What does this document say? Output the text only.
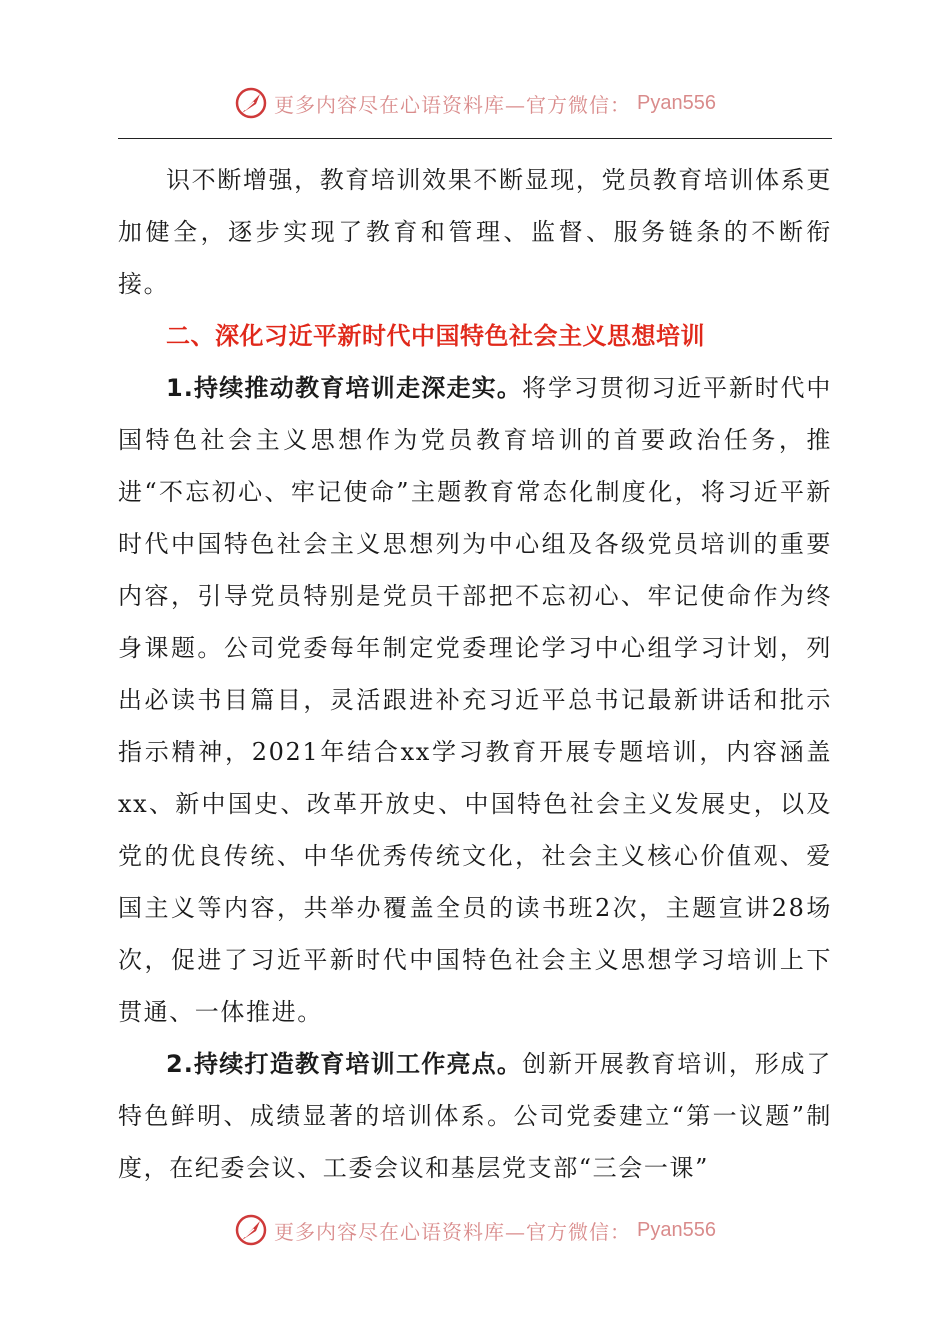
更多内容尽在心语资料库—官方微信： Pyan556

识不断增强，教育培训效果不断显现，党员教育培训体系更加健全，逐步实现了教育和管理、监督、服务链条的不断衔接。

二、深化习近平新时代中国特色社会主义思想培训

1.持续推动教育培训走深走实。将学习贯彻习近平新时代中国特色社会主义思想作为党员教育培训的首要政治任务，推进“不忘初心、牢记使命”主题教育常态化制度化，将习近平新时代中国特色社会主义思想列为中心组及各级党员培训的重要内容，引导党员特别是党员干部把不忘初心、牢记使命作为终身课题。公司党委每年制定党委理论学习中心组学习计划，列出必读书目篇目，灵活跟进补充习近平总书记最新讲话和批示指示精神，2021年结合xx学习教育开展专题培训，内容涵盖xx、新中国史、改革开放史、中国特色社会主义发展史，以及党的优良传统、中华优秀传统文化，社会主义核心价值观、爱国主义等内容，共举办覆盖全员的读书班2次，主题宣讲28场次，促进了习近平新时代中国特色社会主义思想学习培训上下贯通、一体推进。

2.持续打造教育培训工作亮点。创新开展教育培训，形成了特色鲜明、成绩显著的培训体系。公司党委建立“第一议题”制度，在纪委会议、工委会议和基层党支部“三会一课”

更多内容尽在心语资料库—官方微信： Pyan556
